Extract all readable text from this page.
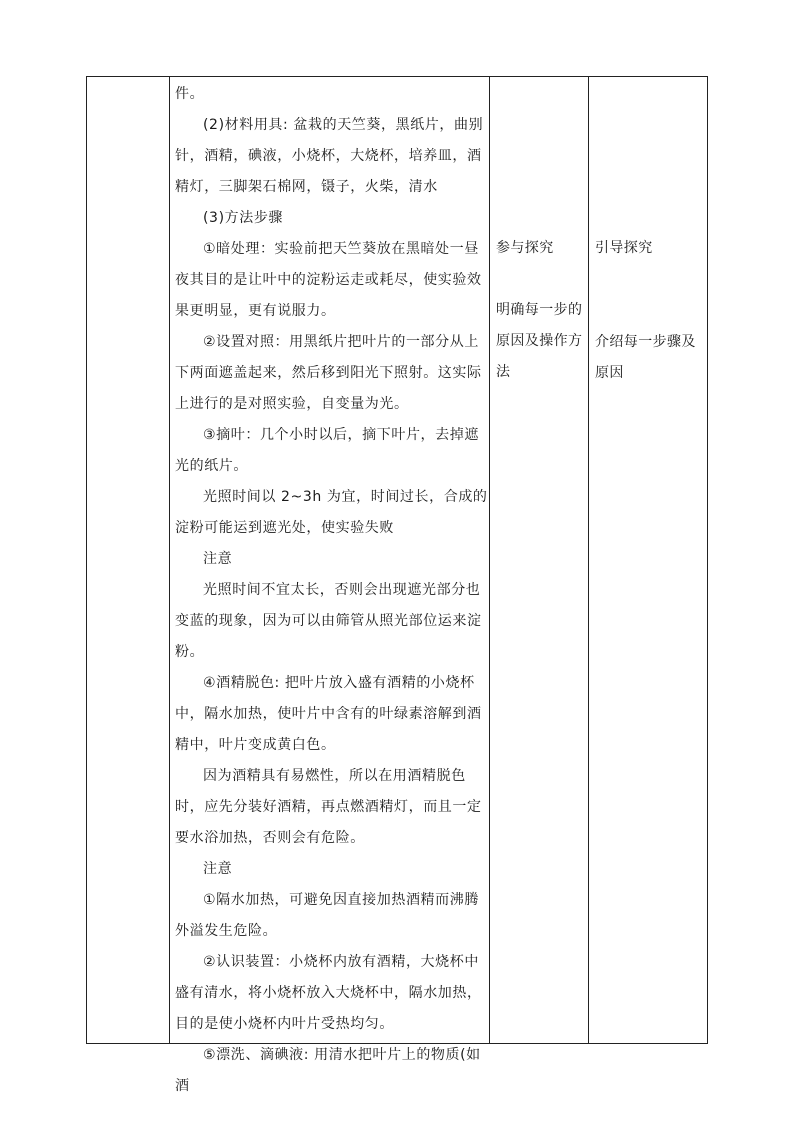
件。

(2)材料用具: 盆栽的天竺葵，黑纸片，曲别针，酒精，碘液，小烧杯，大烧杯，培养皿，酒精灯，三脚架石棉网，镊子，火柴，清水

(3)方法步骤

①暗处理：实验前把天竺葵放在黑暗处一昼夜其目的是让叶中的淀粉运走或耗尽，使实验效果更明显，更有说服力。

②设置对照：用黑纸片把叶片的一部分从上下两面遮盖起来，然后移到阳光下照射。这实际上进行的是对照实验，自变量为光。

③摘叶：几个小时以后，摘下叶片，去掉遮光的纸片。

光照时间以 2~3h 为宜，时间过长，合成的淀粉可能运到遮光处，使实验失败

注意

光照时间不宜太长，否则会出现遮光部分也变蓝的现象，因为可以由筛管从照光部位运来淀粉。

④酒精脱色: 把叶片放入盛有酒精的小烧杯中，隔水加热，使叶片中含有的叶绿素溶解到酒精中，叶片变成黄白色。

因为酒精具有易燃性，所以在用酒精脱色时，应先分装好酒精，再点燃酒精灯，而且一定要水浴加热，否则会有危险。

注意

①隔水加热，可避免因直接加热酒精而沸腾外溢发生危险。

②认识装置：小烧杯内放有酒精，大烧杯中盛有清水，将小烧杯放入大烧杯中，隔水加热，目的是使小烧杯内叶片受热均匀。

⑤漂洗、滴碘液: 用清水把叶片上的物质(如酒

参与探究
明确每一步的原因及操作方法
引导探究
介绍每一步骤及原因
